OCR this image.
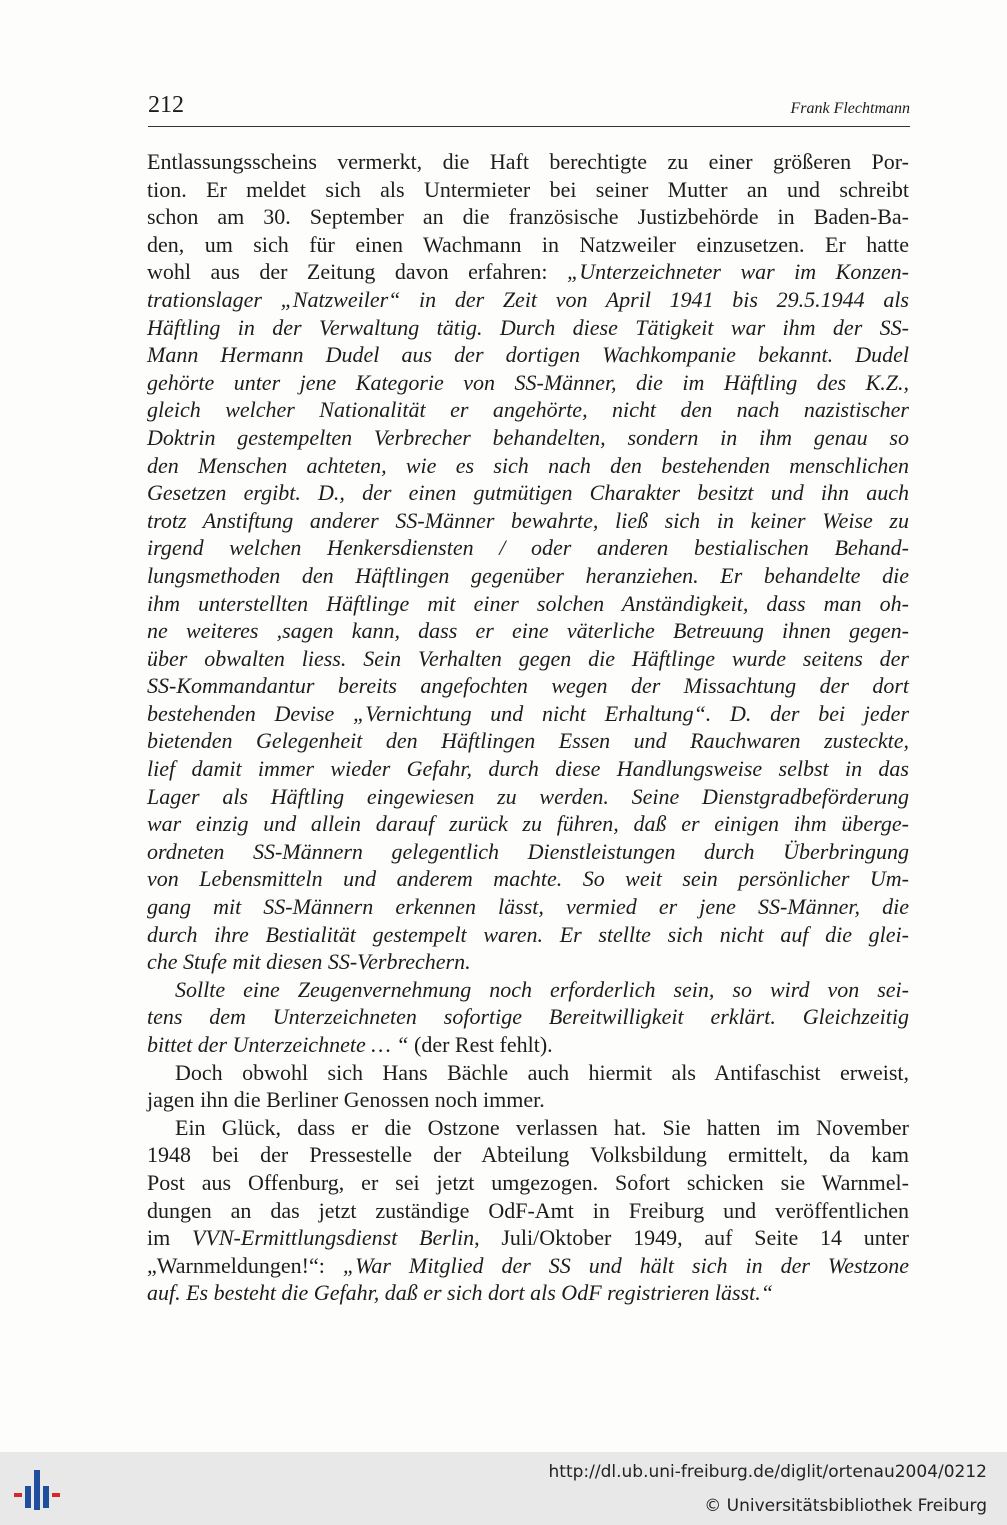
212	Frank Flechtmann
Entlassungsscheins vermerkt, die Haft berechtigte zu einer größeren Por-
tion. Er meldet sich als Untermieter bei seiner Mutter an und schreibt
schon am 30. September an die französische Justizbehörde in Baden-Ba-
den, um sich für einen Wachmann in Natzweiler einzusetzen. Er hatte
wohl aus der Zeitung davon erfahren: „Unterzeichneter war im Konzen-
trationslager „Natzweiler“ in der Zeit von April 1941 bis 29.5.1944 als
Häftling in der Verwaltung tätig. Durch diese Tätigkeit war ihm der SS-
Mann Hermann Dudel aus der dortigen Wachkompanie bekannt. Dudel
gehörte unter jene Kategorie von SS-Männer, die im Häftling des K.Z.,
gleich welcher Nationalität er angehörte, nicht den nach nazistischer
Doktrin gestempelten Verbrecher behandelten, sondern in ihm genau so
den Menschen achteten, wie es sich nach den bestehenden menschlichen
Gesetzen ergibt. D., der einen gutmütigen Charakter besitzt und ihn auch
trotz Anstiftung anderer SS-Männer bewahrte, ließ sich in keiner Weise zu
irgend welchen Henkersdiensten / oder anderen bestialischen Behand-
lungsmethoden den Häftlingen gegenüber heranziehen. Er behandelte die
ihm unterstellten Häftlinge mit einer solchen Anständigkeit, dass man oh-
ne weiteres ,sagen kann, dass er eine väterliche Betreuung ihnen gegen-
über obwalten liess. Sein Verhalten gegen die Häftlinge wurde seitens der
SS-Kommandantur bereits angefochten wegen der Missachtung der dort
bestehenden Devise „Vernichtung und nicht Erhaltung“. D. der bei jeder
bietenden Gelegenheit den Häftlingen Essen und Rauchwaren zusteckte,
lief damit immer wieder Gefahr, durch diese Handlungsweise selbst in das
Lager als Häftling eingewiesen zu werden. Seine Dienstgradbeförderung
war einzig und allein darauf zurück zu führen, daß er einigen ihm überge-
ordneten SS-Männern gelegentlich Dienstleistungen durch Überbringung
von Lebensmitteln und anderem machte. So weit sein persönlicher Um-
gang mit SS-Männern erkennen lässt, vermied er jene SS-Männer, die
durch ihre Bestialität gestempelt waren. Er stellte sich nicht auf die glei-
che Stufe mit diesen SS-Verbrechern.
Sollte eine Zeugenvernehmung noch erforderlich sein, so wird von sei-
tens dem Unterzeichneten sofortige Bereitwilligkeit erklärt. Gleichzeitig
bittet der Unterzeichnete … “ (der Rest fehlt).
Doch obwohl sich Hans Bächle auch hiermit als Antifaschist erweist,
jagen ihn die Berliner Genossen noch immer.
Ein Glück, dass er die Ostzone verlassen hat. Sie hatten im November
1948 bei der Pressestelle der Abteilung Volksbildung ermittelt, da kam
Post aus Offenburg, er sei jetzt umgezogen. Sofort schicken sie Warnmel-
dungen an das jetzt zuständige OdF-Amt in Freiburg und veröffentlichen
im VVN-Ermittlungsdienst Berlin, Juli/Oktober 1949, auf Seite 14 unter
„Warnmeldungen!“: „War Mitglied der SS und hält sich in der Westzone
auf. Es besteht die Gefahr, daß er sich dort als OdF registrieren lässt.“
http://dl.ub.uni-freiburg.de/diglit/ortenau2004/0212
© Universitätsbibliothek Freiburg
